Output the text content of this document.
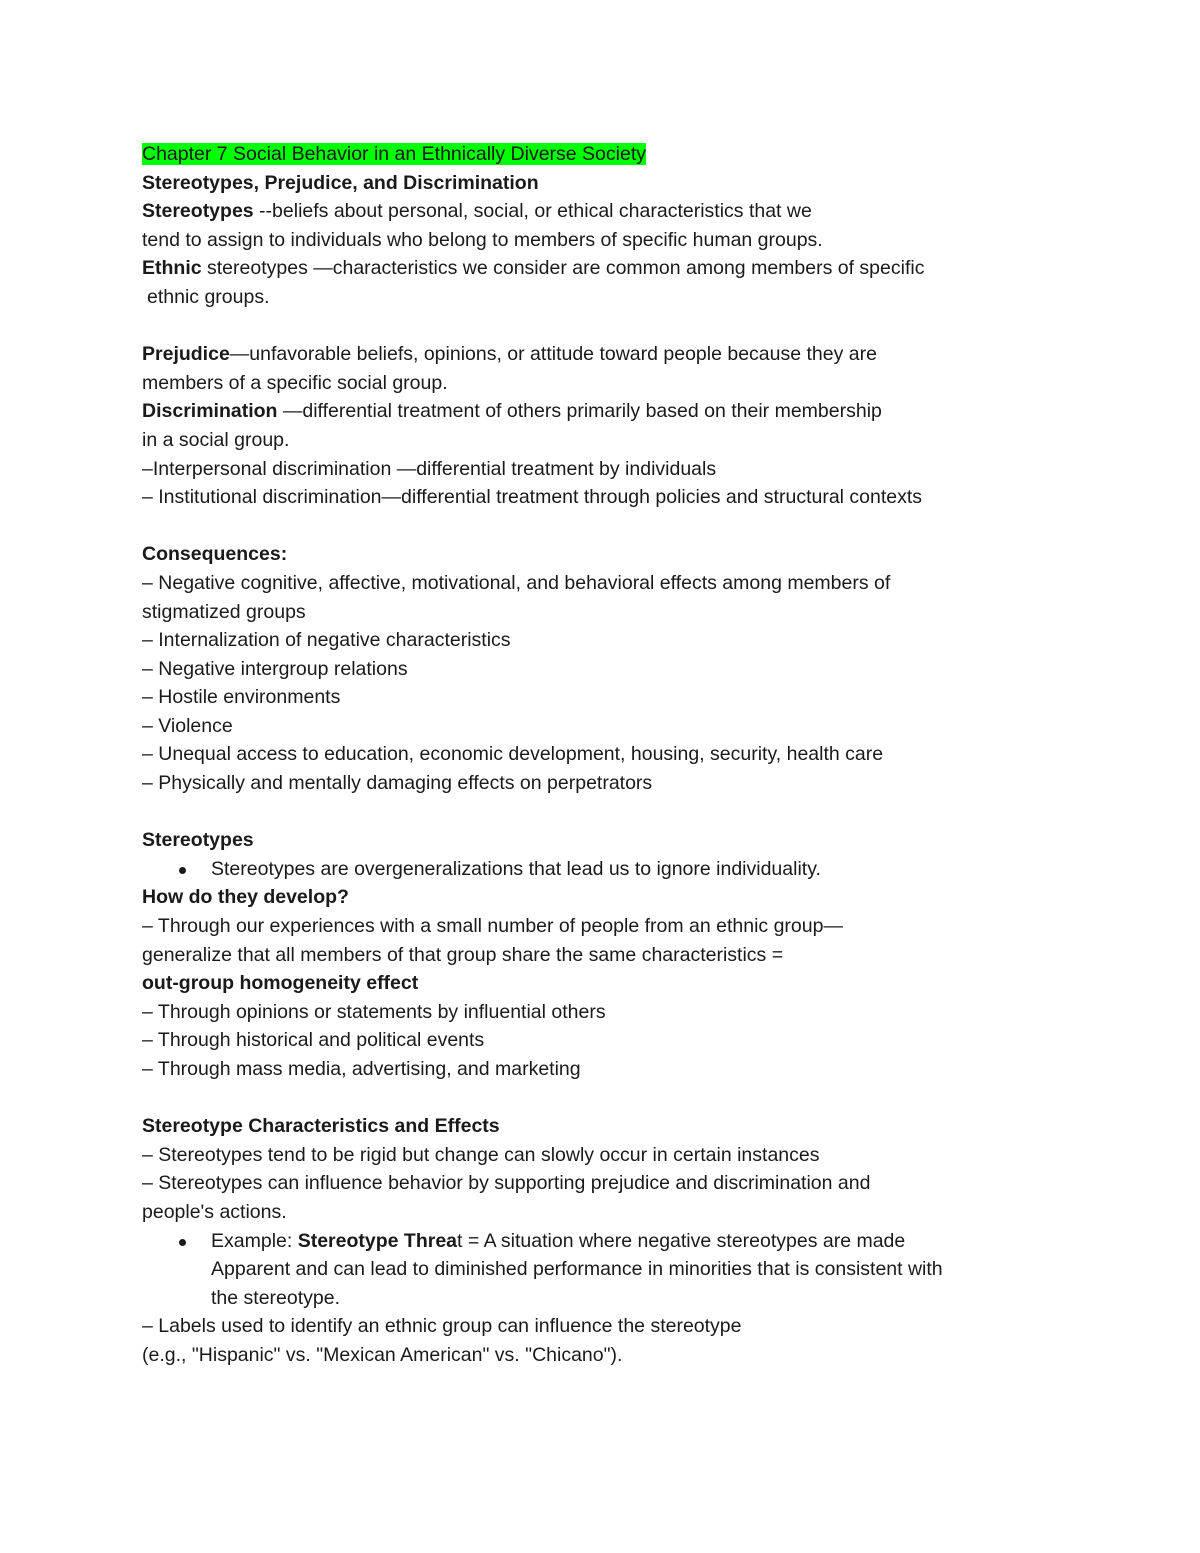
Chapter 7 Social Behavior in an Ethnically Diverse Society
Stereotypes, Prejudice, and Discrimination
Stereotypes --beliefs about personal, social, or ethical characteristics that we
tend to assign to individuals who belong to members of specific human groups.
Ethnic stereotypes —characteristics we consider are common among members of specific
ethnic groups.
Prejudice—unfavorable beliefs, opinions, or attitude toward people because they are
members of a specific social group.
Discrimination —differential treatment of others primarily based on their membership
in a social group.
–Interpersonal discrimination —differential treatment by individuals
– Institutional discrimination—differential treatment through policies and structural contexts
Consequences:
– Negative cognitive, affective, motivational, and behavioral effects among members of
stigmatized groups
– Internalization of negative characteristics
– Negative intergroup relations
– Hostile environments
– Violence
– Unequal access to education, economic development, housing, security, health care
– Physically and mentally damaging effects on perpetrators
Stereotypes
Stereotypes are overgeneralizations that lead us to ignore individuality.
How do they develop?
– Through our experiences with a small number of people from an ethnic group—
generalize that all members of that group share the same characteristics =
out-group homogeneity effect
– Through opinions or statements by influential others
– Through historical and political events
– Through mass media, advertising, and marketing
Stereotype Characteristics and Effects
– Stereotypes tend to be rigid but change can slowly occur in certain instances
– Stereotypes can influence behavior by supporting prejudice and discrimination and
people's actions.
Example: Stereotype Threat = A situation where negative stereotypes are made
Apparent and can lead to diminished performance in minorities that is consistent with
the stereotype.
– Labels used to identify an ethnic group can influence the stereotype
(e.g., "Hispanic" vs. "Mexican American" vs. "Chicano").
